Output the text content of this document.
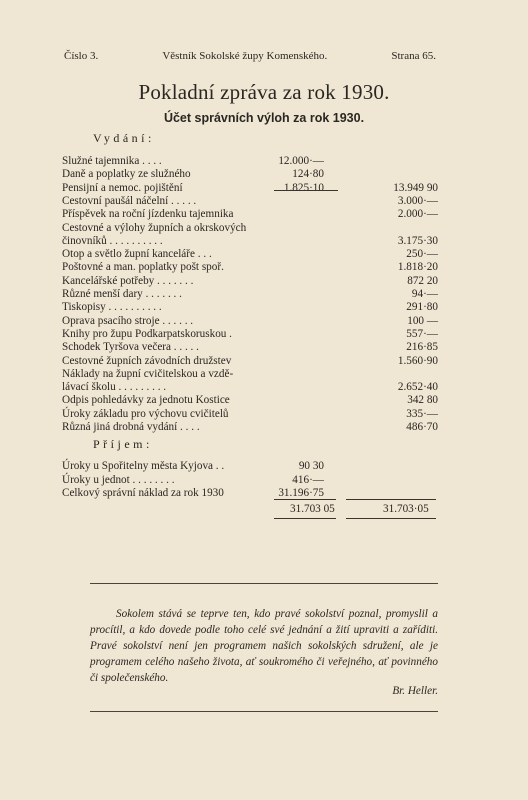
Číslo 3.	Věstník Sokolské župy Komenského.	Strana 65.
Pokladní zpráva za rok 1930.
Účet správních výloh za rok 1930.
Vydání:
Služné tajemnika . . . .	12.000·—
Daně a poplatky ze služného	124·80
Pensijní a nemoc. pojištění	1.825·10	13.949 90
Cestovní paušál náčelní . . . . .	3.000·—
Příspěvek na roční jízdenku tajemnika	2.000·—
Cestovné a výlohy župních a okrskových
činovníků . . . . . . . . . .	3.175·30
Otop a světlo župní kanceláře . . .	250·—
Poštovné a man. poplatky pošt spoř.	1.818·20
Kancelářské potřeby . . . . . . .	872 20
Různé menší dary . . . . . . .	94·—
Tiskopisy . . . . . . . . . .	291·80
Oprava psacího stroje . . . . . .	100 —
Knihy pro župu Podkarpatskoruskou .	557·—
Schodek Tyršova večera . . . . .	216·85
Cestovné župních závodních družstev	1.560·90
Náklady na župní cvičitelskou a vzdě-
lávací školu . . . . . . . . .	2.652·40
Odpis pohledávky za jednotu Kostice	342 80
Úroky základu pro výchovu cvičitelů	335·—
Různá jiná drobná vydání . . . .	486·70
Příjem:
Úroky u Spořitelny města Kyjova . .	90 30
Úroky u jednot . . . . . . . .	416·—
Celkový správní náklad za rok 1930	31.196·75
31.703 05	31.703·05

Sokolem stává se teprve ten, kdo pravé sokolství poznal, promyslil a procítil, a kdo dovede podle toho celé své jednání a žití upraviti a zaříditi. Pravé sokolství není jen programem našich sokolských sdružení, ale je programem celého našeho života, ať soukromého či veřejného, ať povinného či společenského.

Br. Heller.
